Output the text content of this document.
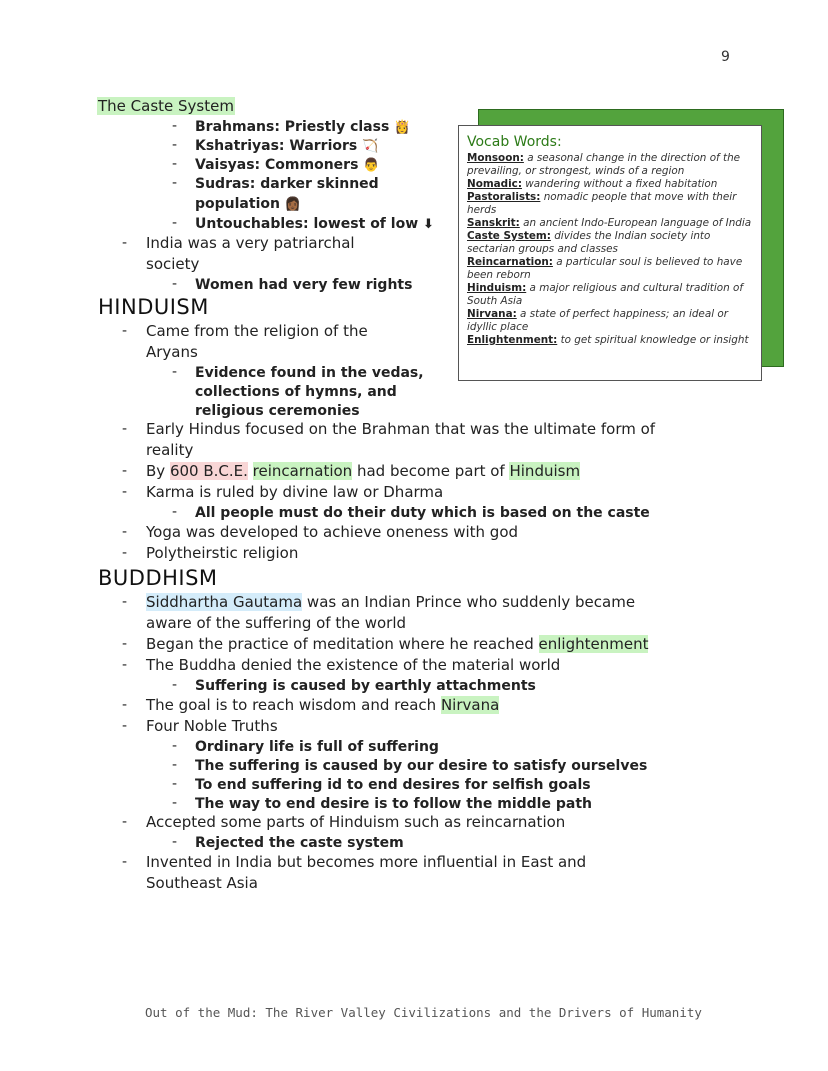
9
The Caste System
- Brahmans: Priestly class 👸
- Kshatriyas: Warriors 🏹
- Vaisyas: Commoners 👨
- Sudras: darker skinned
population 👩🏾
- Untouchables: lowest of low ⬇
- India was a very patriarchal
society
- Women had very few rights
Vocab Words:
Monsoon: a seasonal change in the direction of the prevailing, or strongest, winds of a region
Nomadic: wandering without a fixed habitation
Pastoralists: nomadic people that move with their herds
Sanskrit: an ancient Indo-European language of India
Caste System: divides the Indian society into sectarian groups and classes
Reincarnation: a particular soul is believed to have been reborn
Hinduism: a major religious and cultural tradition of South Asia
Nirvana: a state of perfect happiness; an ideal or idyllic place
Enlightenment: to get spiritual knowledge or insight
HINDUISM
- Came from the religion of the
Aryans
- Evidence found in the vedas,
collections of hymns, and
religious ceremonies
- Early Hindus focused on the Brahman that was the ultimate form of
reality
- By 600 B.C.E. reincarnation had become part of Hinduism
- Karma is ruled by divine law or Dharma
- All people must do their duty which is based on the caste
- Yoga was developed to achieve oneness with god
- Polytheirstic religion
BUDDHISM
- Siddhartha Gautama was an Indian Prince who suddenly became
aware of the suffering of the world
- Began the practice of meditation where he reached enlightenment
- The Buddha denied the existence of the material world
- Suffering is caused by earthly attachments
- The goal is to reach wisdom and reach Nirvana
- Four Noble Truths
- Ordinary life is full of suffering
- The suffering is caused by our desire to satisfy ourselves
- To end suffering id to end desires for selfish goals
- The way to end desire is to follow the middle path
- Accepted some parts of Hinduism such as reincarnation
- Rejected the caste system
- Invented in India but becomes more influential in East and
Southeast Asia
Out of the Mud: The River Valley Civilizations and the Drivers of Humanity
